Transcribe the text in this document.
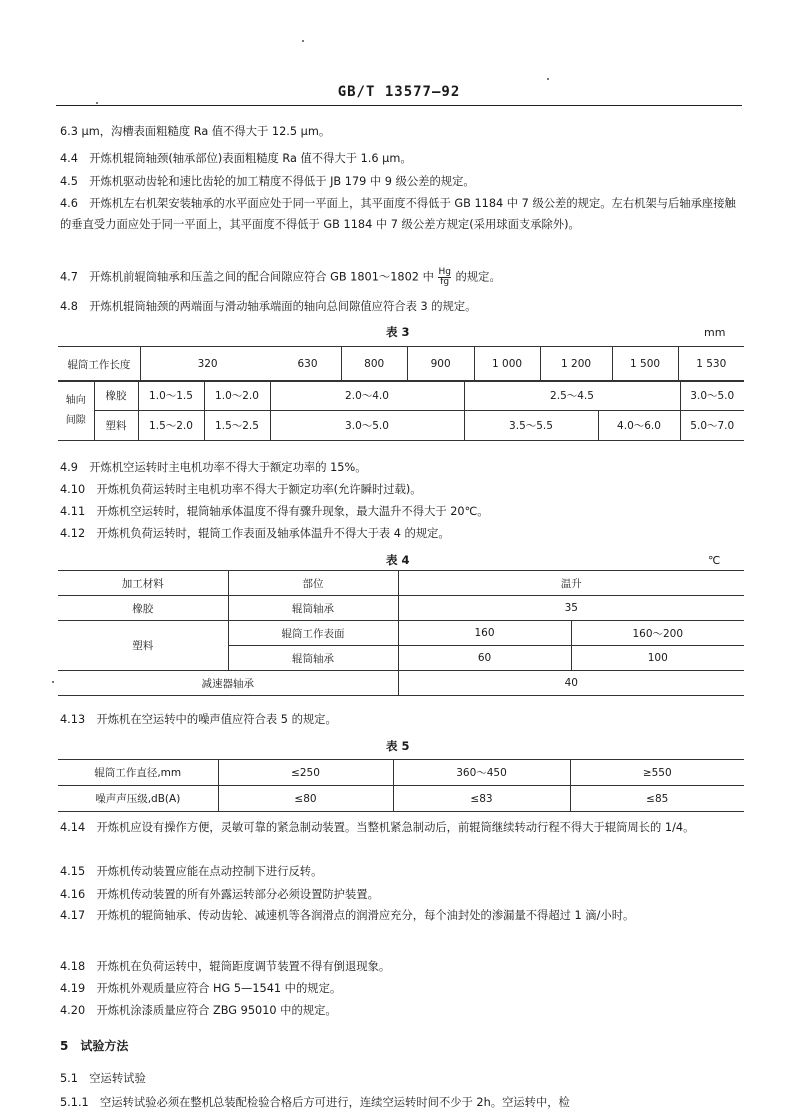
GB/T 13577—92
6.3 μm，沟槽表面粗糙度 Ra 值不得大于 12.5 μm。
4.4　开炼机辊筒轴颈(轴承部位)表面粗糙度 Ra 值不得大于 1.6 μm。
4.5　开炼机驱动齿轮和速比齿轮的加工精度不得低于 JB 179 中 9 级公差的规定。
4.6　开炼机左右机架安装轴承的水平面应处于同一平面上，其平面度不得低于 GB 1184 中 7 级公差的规定。左右机架与后轴承座接触的垂直受力面应处于同一平面上，其平面度不得低于 GB 1184 中 7 级公差方规定(采用球面支承除外)。
4.7　开炼机前辊筒轴承和压盖之间的配合间隙应符合 GB 1801～1802 中 $\frac{Hg}{fg}$ 的规定。
4.8　开炼机辊筒轴颈的两端面与滑动轴承端面的轴向总间隙值应符合表 3 的规定。
表 3	mm
辊筒工作长度	320	630	800	900	1 000	1 200	1 500	1 530
轴向间隙	橡胶	1.0～1.5	1.0～2.0	2.0～4.0	2.5～4.5		3.0～5.0
	塑料	1.5～2.0	1.5～2.5	3.0～5.0	3.5～5.5	4.0～6.0	5.0～7.0
4.9　开炼机空运转时主电机功率不得大于额定功率的 15%。
4.10　开炼机负荷运转时主电机功率不得大于额定功率(允许瞬时过载)。
4.11　开炼机空运转时，辊筒轴承体温度不得有骤升现象，最大温升不得大于 20℃。
4.12　开炼机负荷运转时，辊筒工作表面及轴承体温升不得大于表 4 的规定。
表 4	℃
加工材料	部位	温升	
橡胶	辊筒轴承	35	
塑料	辊筒工作表面	160	160～200
	辊筒轴承	60	100
减速器轴承		40	
4.13　开炼机在空运转中的噪声值应符合表 5 的规定。
表 5
辊筒工作直径,mm	≤250	360～450	≥550
噪声声压级,dB(A)	≤80	≤83	≤85
4.14　开炼机应设有操作方便，灵敏可靠的紧急制动装置。当整机紧急制动后，前辊筒继续转动行程不得大于辊筒周长的 1/4。
4.15　开炼机传动装置应能在点动控制下进行反转。
4.16　开炼机传动装置的所有外露运转部分必须设置防护装置。
4.17　开炼机的辊筒轴承、传动齿轮、减速机等各润滑点的润滑应充分，每个油封处的渗漏量不得超过 1 滴/小时。
4.18　开炼机在负荷运转中，辊筒距度调节装置不得有倒退现象。
4.19　开炼机外观质量应符合 HG 5—1541 中的规定。
4.20　开炼机涂漆质量应符合 ZBG 95010 中的规定。
5　试验方法
5.1　空运转试验
5.1.1　空运转试验必须在整机总装配检验合格后方可进行，连续空运转时间不少于 2h。空运转中，检
